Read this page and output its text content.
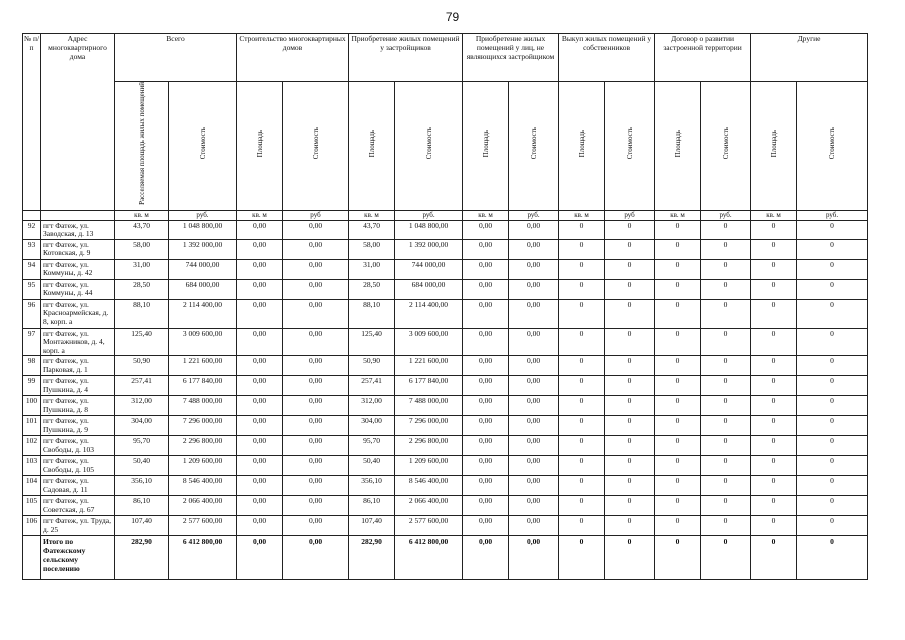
79
№ п/п	Адрес многоквартирного дома	Всего		Строительство многоквартирных домов		Приобретение жилых помещений у застройщиков		Приобретение жилых помещений у лиц, не являющихся застройщиком		Выкуп жилых помещений у собственников		Договор о развитии застроенной территории		Другие	
		Расселяемая площадь жилых помещений	Стоимость	Площадь	Стоимость	Площадь	Стоимость	Площадь	Стоимость	Площадь	Стоимость	Площадь	Стоимость	Площадь	Стоимость
		кв. м	руб.	кв. м	руб	кв. м	руб.	кв. м	руб.	кв. м	руб	кв. м	руб.	кв. м	руб.
92	пгт Фатеж, ул. Заводская, д. 13	43,70	1 048 800,00	0,00	0,00	43,70	1 048 800,00	0,00	0,00	0	0	0	0	0	0
93	пгт Фатеж, ул. Котовская, д. 9	58,00	1 392 000,00	0,00	0,00	58,00	1 392 000,00	0,00	0,00	0	0	0	0	0	0
94	пгт Фатеж, ул. Коммуны, д. 42	31,00	744 000,00	0,00	0,00	31,00	744 000,00	0,00	0,00	0	0	0	0	0	0
95	пгт Фатеж, ул. Коммуны, д. 44	28,50	684 000,00	0,00	0,00	28,50	684 000,00	0,00	0,00	0	0	0	0	0	0
96	пгт Фатеж, ул. Красноармейская, д. 8, корп. а	88,10	2 114 400,00	0,00	0,00	88,10	2 114 400,00	0,00	0,00	0	0	0	0	0	0
97	пгт Фатеж, ул. Монтажников, д. 4, корп. а	125,40	3 009 600,00	0,00	0,00	125,40	3 009 600,00	0,00	0,00	0	0	0	0	0	0
98	пгт Фатеж, ул. Парковая, д. 1	50,90	1 221 600,00	0,00	0,00	50,90	1 221 600,00	0,00	0,00	0	0	0	0	0	0
99	пгт Фатеж, ул. Пушкина, д. 4	257,41	6 177 840,00	0,00	0,00	257,41	6 177 840,00	0,00	0,00	0	0	0	0	0	0
100	пгт Фатеж, ул. Пушкина, д. 8	312,00	7 488 000,00	0,00	0,00	312,00	7 488 000,00	0,00	0,00	0	0	0	0	0	0
101	пгт Фатеж, ул. Пушкина, д. 9	304,00	7 296 000,00	0,00	0,00	304,00	7 296 000,00	0,00	0,00	0	0	0	0	0	0
102	пгт Фатеж, ул. Свободы, д. 103	95,70	2 296 800,00	0,00	0,00	95,70	2 296 800,00	0,00	0,00	0	0	0	0	0	0
103	пгт Фатеж, ул. Свободы, д. 105	50,40	1 209 600,00	0,00	0,00	50,40	1 209 600,00	0,00	0,00	0	0	0	0	0	0
104	пгт Фатеж, ул. Садовая, д. 11	356,10	8 546 400,00	0,00	0,00	356,10	8 546 400,00	0,00	0,00	0	0	0	0	0	0
105	пгт Фатеж, ул. Советская, д. 67	86,10	2 066 400,00	0,00	0,00	86,10	2 066 400,00	0,00	0,00	0	0	0	0	0	0
106	пгт Фатеж, ул. Труда, д. 25	107,40	2 577 600,00	0,00	0,00	107,40	2 577 600,00	0,00	0,00	0	0	0	0	0	0
	Итого по Фатежскому сельскому поселению	282,90	6 412 800,00	0,00	0,00	282,90	6 412 800,00	0,00	0,00	0	0	0	0	0	0
